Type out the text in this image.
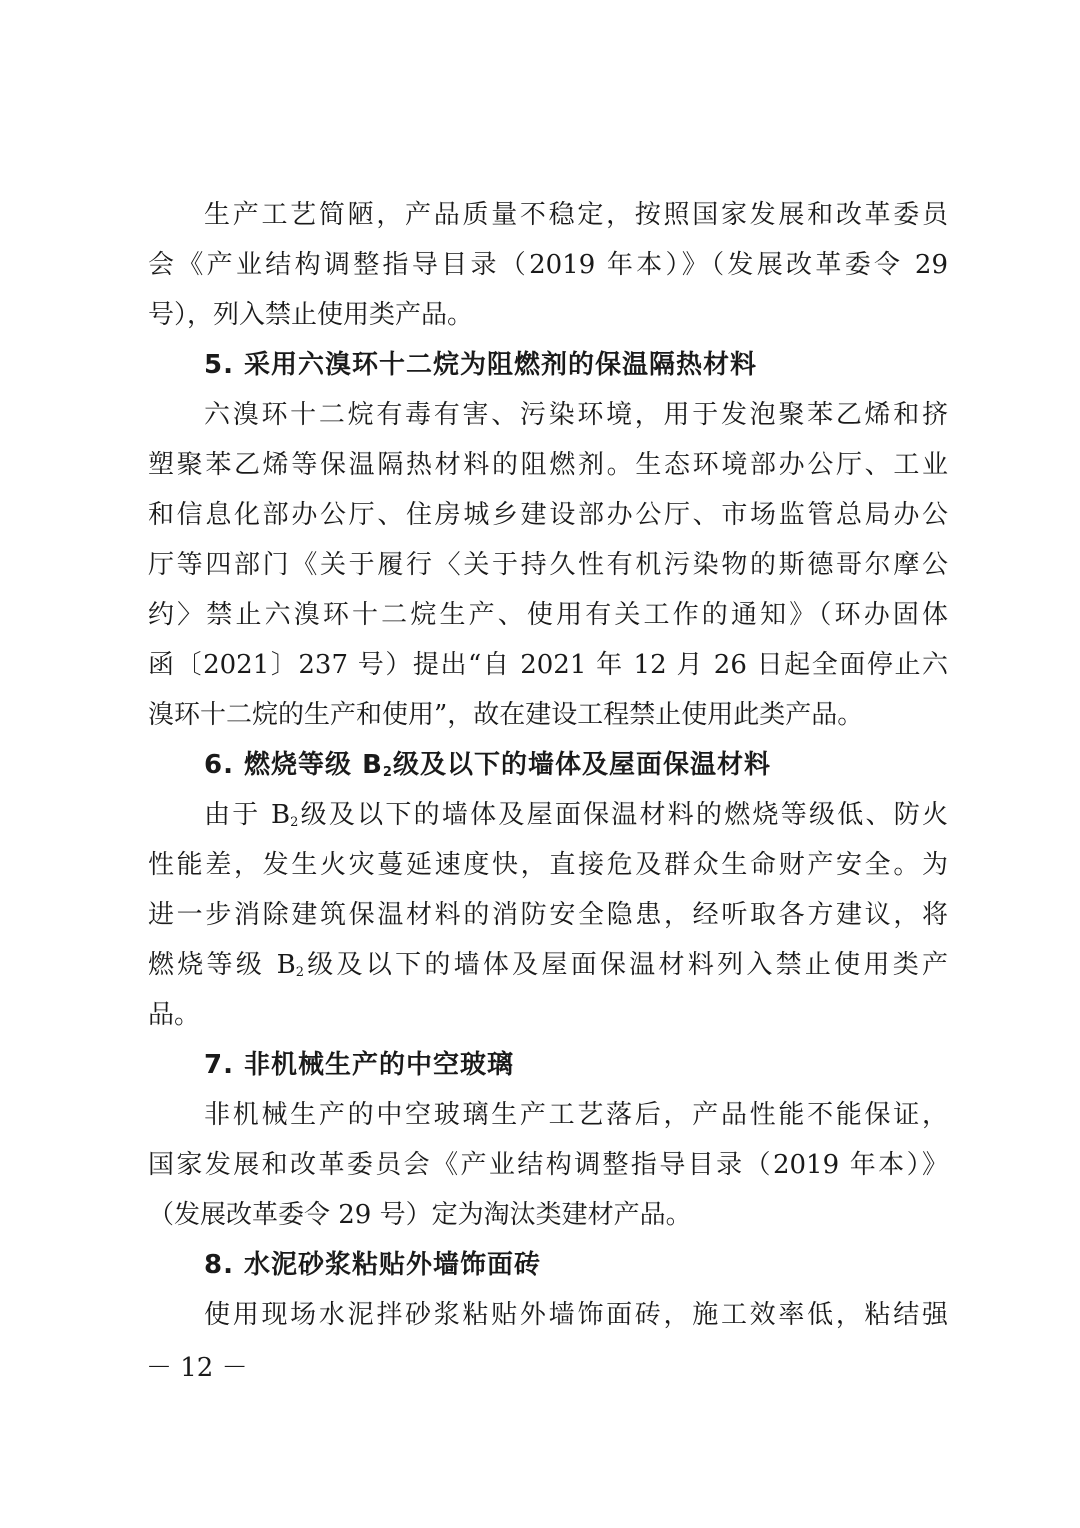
生产工艺简陋，产品质量不稳定，按照国家发展和改革委员
会《产业结构调整指导目录（2019 年本）》（发展改革委令 29
号），列入禁止使用类产品。
5. 采用六溴环十二烷为阻燃剂的保温隔热材料
六溴环十二烷有毒有害、污染环境，用于发泡聚苯乙烯和挤
塑聚苯乙烯等保温隔热材料的阻燃剂。生态环境部办公厅、工业
和信息化部办公厅、住房城乡建设部办公厅、市场监管总局办公
厅等四部门《关于履行〈关于持久性有机污染物的斯德哥尔摩公
约〉禁止六溴环十二烷生产、使用有关工作的通知》（环办固体
函〔2021〕237 号）提出“自 2021 年 12 月 26 日起全面停止六
溴环十二烷的生产和使用”，故在建设工程禁止使用此类产品。
6. 燃烧等级 $B_2$级及以下的墙体及屋面保温材料
由于 $B_2$级及以下的墙体及屋面保温材料的燃烧等级低、防火
性能差，发生火灾蔓延速度快，直接危及群众生命财产安全。为
进一步消除建筑保温材料的消防安全隐患，经听取各方建议，将
燃烧等级 $B_2$级及以下的墙体及屋面保温材料列入禁止使用类产
品。
7. 非机械生产的中空玻璃
非机械生产的中空玻璃生产工艺落后，产品性能不能保证，
国家发展和改革委员会《产业结构调整指导目录（2019 年本）》
（发展改革委令 29 号）定为淘汰类建材产品。
8. 水泥砂浆粘贴外墙饰面砖
使用现场水泥拌砂浆粘贴外墙饰面砖，施工效率低，粘结强
－ 12 －
